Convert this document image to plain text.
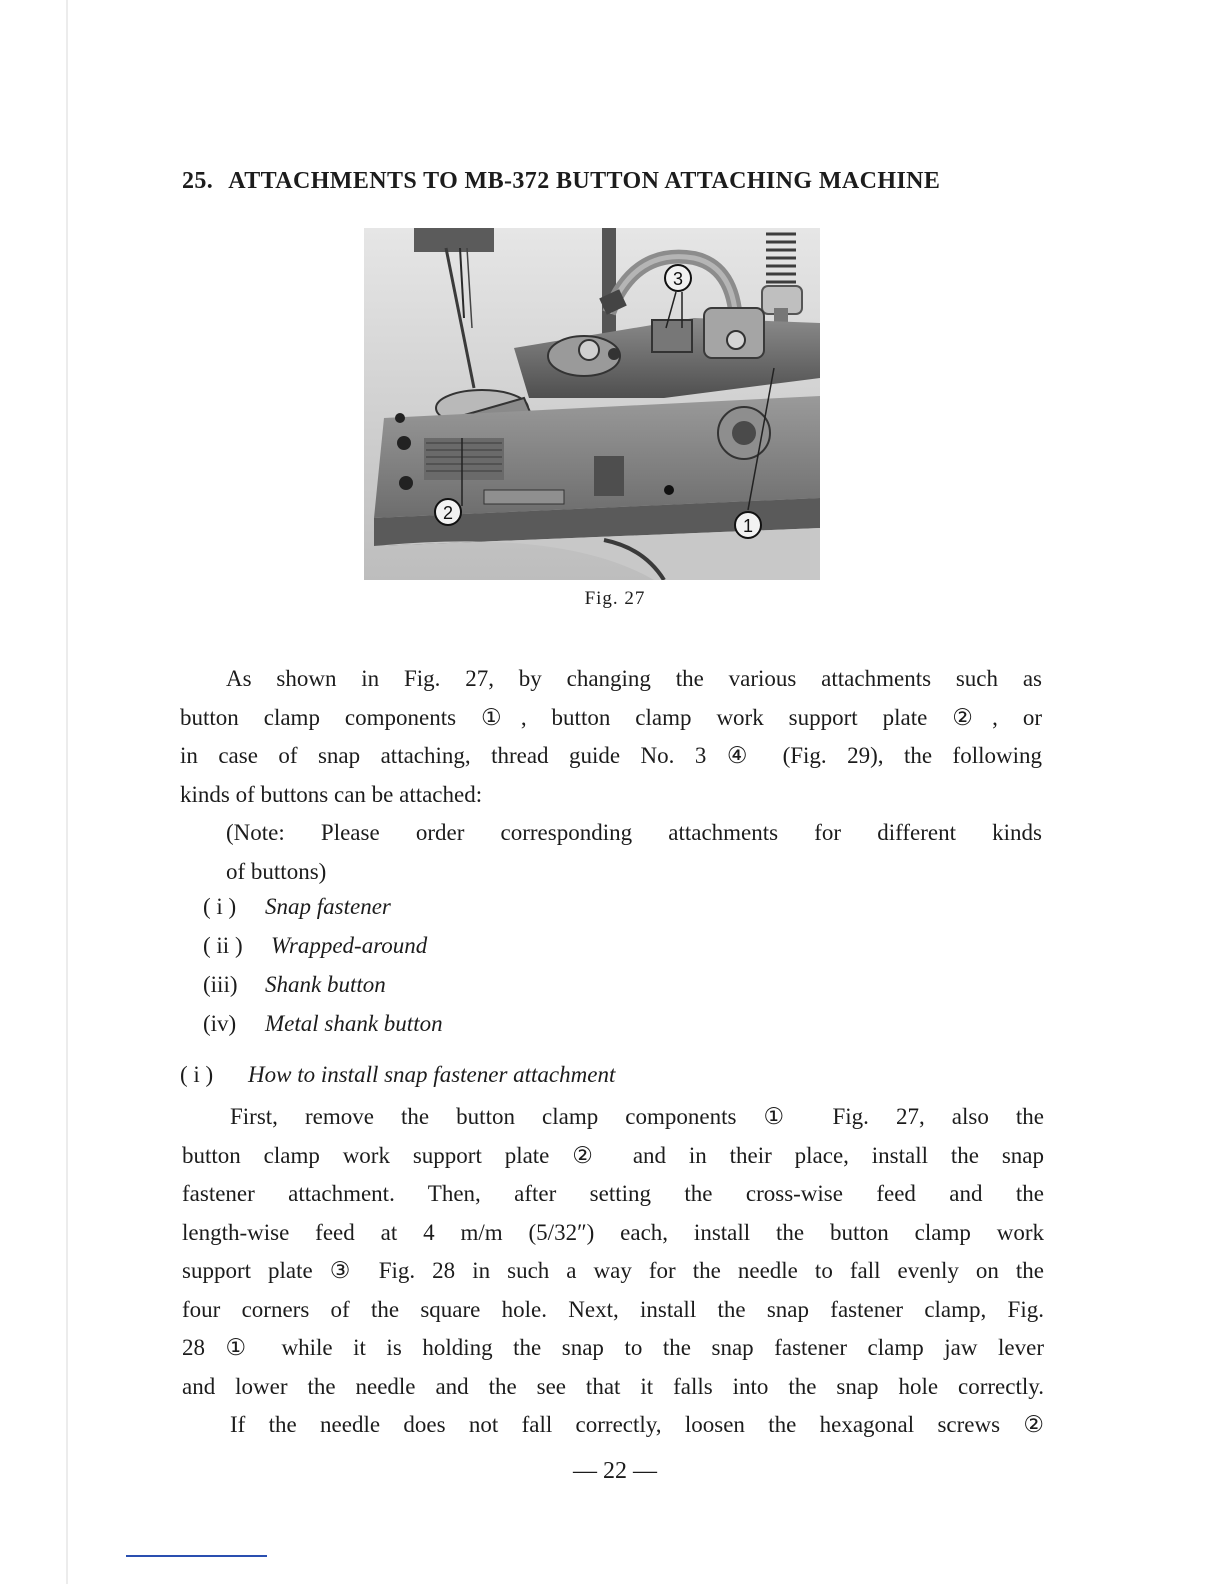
25. ATTACHMENTS TO MB-372 BUTTON ATTACHING MACHINE
3
2
1
Fig. 27
As shown in Fig. 27, by changing the various attachments such as
button clamp components ①, button clamp work support plate ②, or
in case of snap attaching, thread guide No. 3 ④ (Fig. 29), the following
kinds of buttons can be attached:
(Note: Please order corresponding attachments for different kinds
of buttons)
( i ) Snap fastener
( ii ) Wrapped-around
(iii) Shank button
(iv) Metal shank button
( i ) How to install snap fastener attachment
First, remove the button clamp components ① Fig. 27, also the
button clamp work support plate ② and in their place, install the snap
fastener attachment. Then, after setting the cross-wise feed and the
length-wise feed at 4 m/m (5/32″) each, install the button clamp work
support plate ③ Fig. 28 in such a way for the needle to fall evenly on the
four corners of the square hole. Next, install the snap fastener clamp, Fig.
28 ① while it is holding the snap to the snap fastener clamp jaw lever
and lower the needle and the see that it falls into the snap hole correctly.
If the needle does not fall correctly, loosen the hexagonal screws ②
— 22 —
